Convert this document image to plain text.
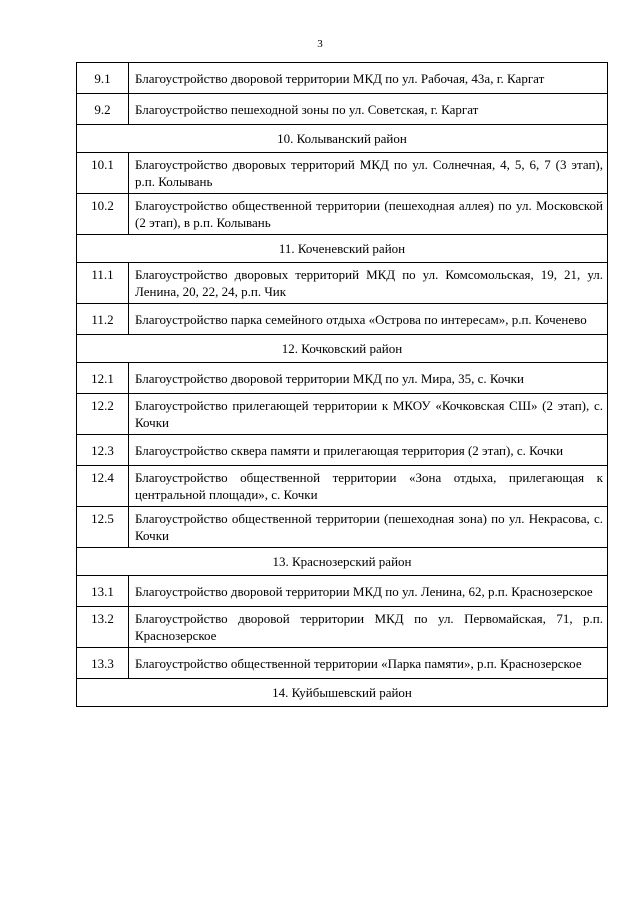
3
9.1	Благоустройство дворовой территории МКД по ул. Рабочая, 43а, г. Каргат
9.2	Благоустройство пешеходной зоны по ул. Советская, г. Каргат
10. Колыванский район	
10.1	Благоустройство дворовых территорий МКД по ул. Солнечная, 4, 5, 6, 7 (3 этап), р.п. Колывань
10.2	Благоустройство общественной территории (пешеходная аллея) по ул. Московской (2 этап), в р.п. Колывань
11. Коченевский район	
11.1	Благоустройство дворовых территорий МКД по ул. Комсомольская, 19, 21, ул. Ленина, 20, 22, 24, р.п. Чик
11.2	Благоустройство парка семейного отдыха «Острова по интересам», р.п. Коченево
12. Кочковский район	
12.1	Благоустройство дворовой территории МКД по ул. Мира, 35, с. Кочки
12.2	Благоустройство прилегающей территории к МКОУ «Кочковская СШ» (2 этап), с. Кочки
12.3	Благоустройство сквера памяти и прилегающая территория (2 этап), с. Кочки
12.4	Благоустройство общественной территории «Зона отдыха, прилегающая к центральной площади», с. Кочки
12.5	Благоустройство общественной территории (пешеходная зона) по ул. Некрасова, с. Кочки
13. Краснозерский район	
13.1	Благоустройство дворовой территории МКД по ул. Ленина, 62, р.п. Краснозерское
13.2	Благоустройство дворовой территории МКД по ул. Первомайская, 71, р.п. Краснозерское
13.3	Благоустройство общественной территории «Парка памяти», р.п. Краснозерское
14. Куйбышевский район	
